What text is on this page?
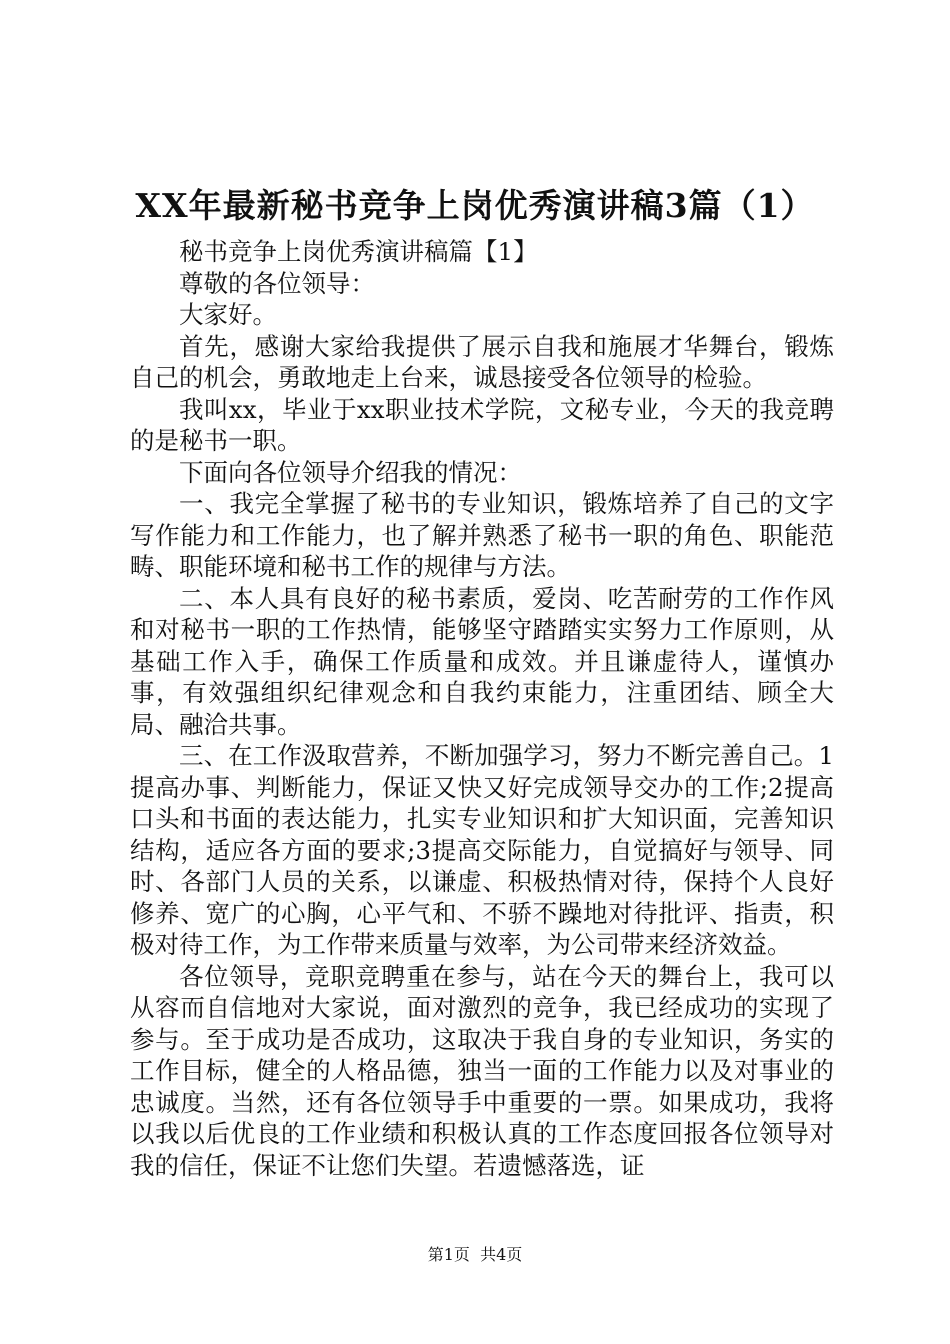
XX年最新秘书竞争上岗优秀演讲稿3篇（1）

秘书竞争上岗优秀演讲稿篇【1】

尊敬的各位领导：

大家好。

首先，感谢大家给我提供了展示自我和施展才华舞台，锻炼自己的机会，勇敢地走上台来，诚恳接受各位领导的检验。

我叫xx，毕业于xx职业技术学院，文秘专业，今天的我竞聘的是秘书一职。

下面向各位领导介绍我的情况：

一、我完全掌握了秘书的专业知识，锻炼培养了自己的文字写作能力和工作能力，也了解并熟悉了秘书一职的角色、职能范畴、职能环境和秘书工作的规律与方法。

二、本人具有良好的秘书素质，爱岗、吃苦耐劳的工作作风和对秘书一职的工作热情，能够坚守踏踏实实努力工作原则，从基础工作入手，确保工作质量和成效。并且谦虚待人，谨慎办事，有效强组织纪律观念和自我约束能力，注重团结、顾全大局、融洽共事。

三、在工作汲取营养，不断加强学习，努力不断完善自己。1提高办事、判断能力，保证又快又好完成领导交办的工作;2提高口头和书面的表达能力，扎实专业知识和扩大知识面，完善知识结构，适应各方面的要求;3提高交际能力，自觉搞好与领导、同时、各部门人员的关系，以谦虚、积极热情对待，保持个人良好修养、宽广的心胸，心平气和、不骄不躁地对待批评、指责，积极对待工作，为工作带来质量与效率，为公司带来经济效益。

各位领导，竞职竞聘重在参与，站在今天的舞台上，我可以从容而自信地对大家说，面对激烈的竞争，我已经成功的实现了参与。至于成功是否成功，这取决于我自身的专业知识，务实的工作目标，健全的人格品德，独当一面的工作能力以及对事业的忠诚度。当然，还有各位领导手中重要的一票。如果成功，我将以我以后优良的工作业绩和积极认真的工作态度回报各位领导对我的信任，保证不让您们失望。若遗憾落选，证

第1页  共4页
